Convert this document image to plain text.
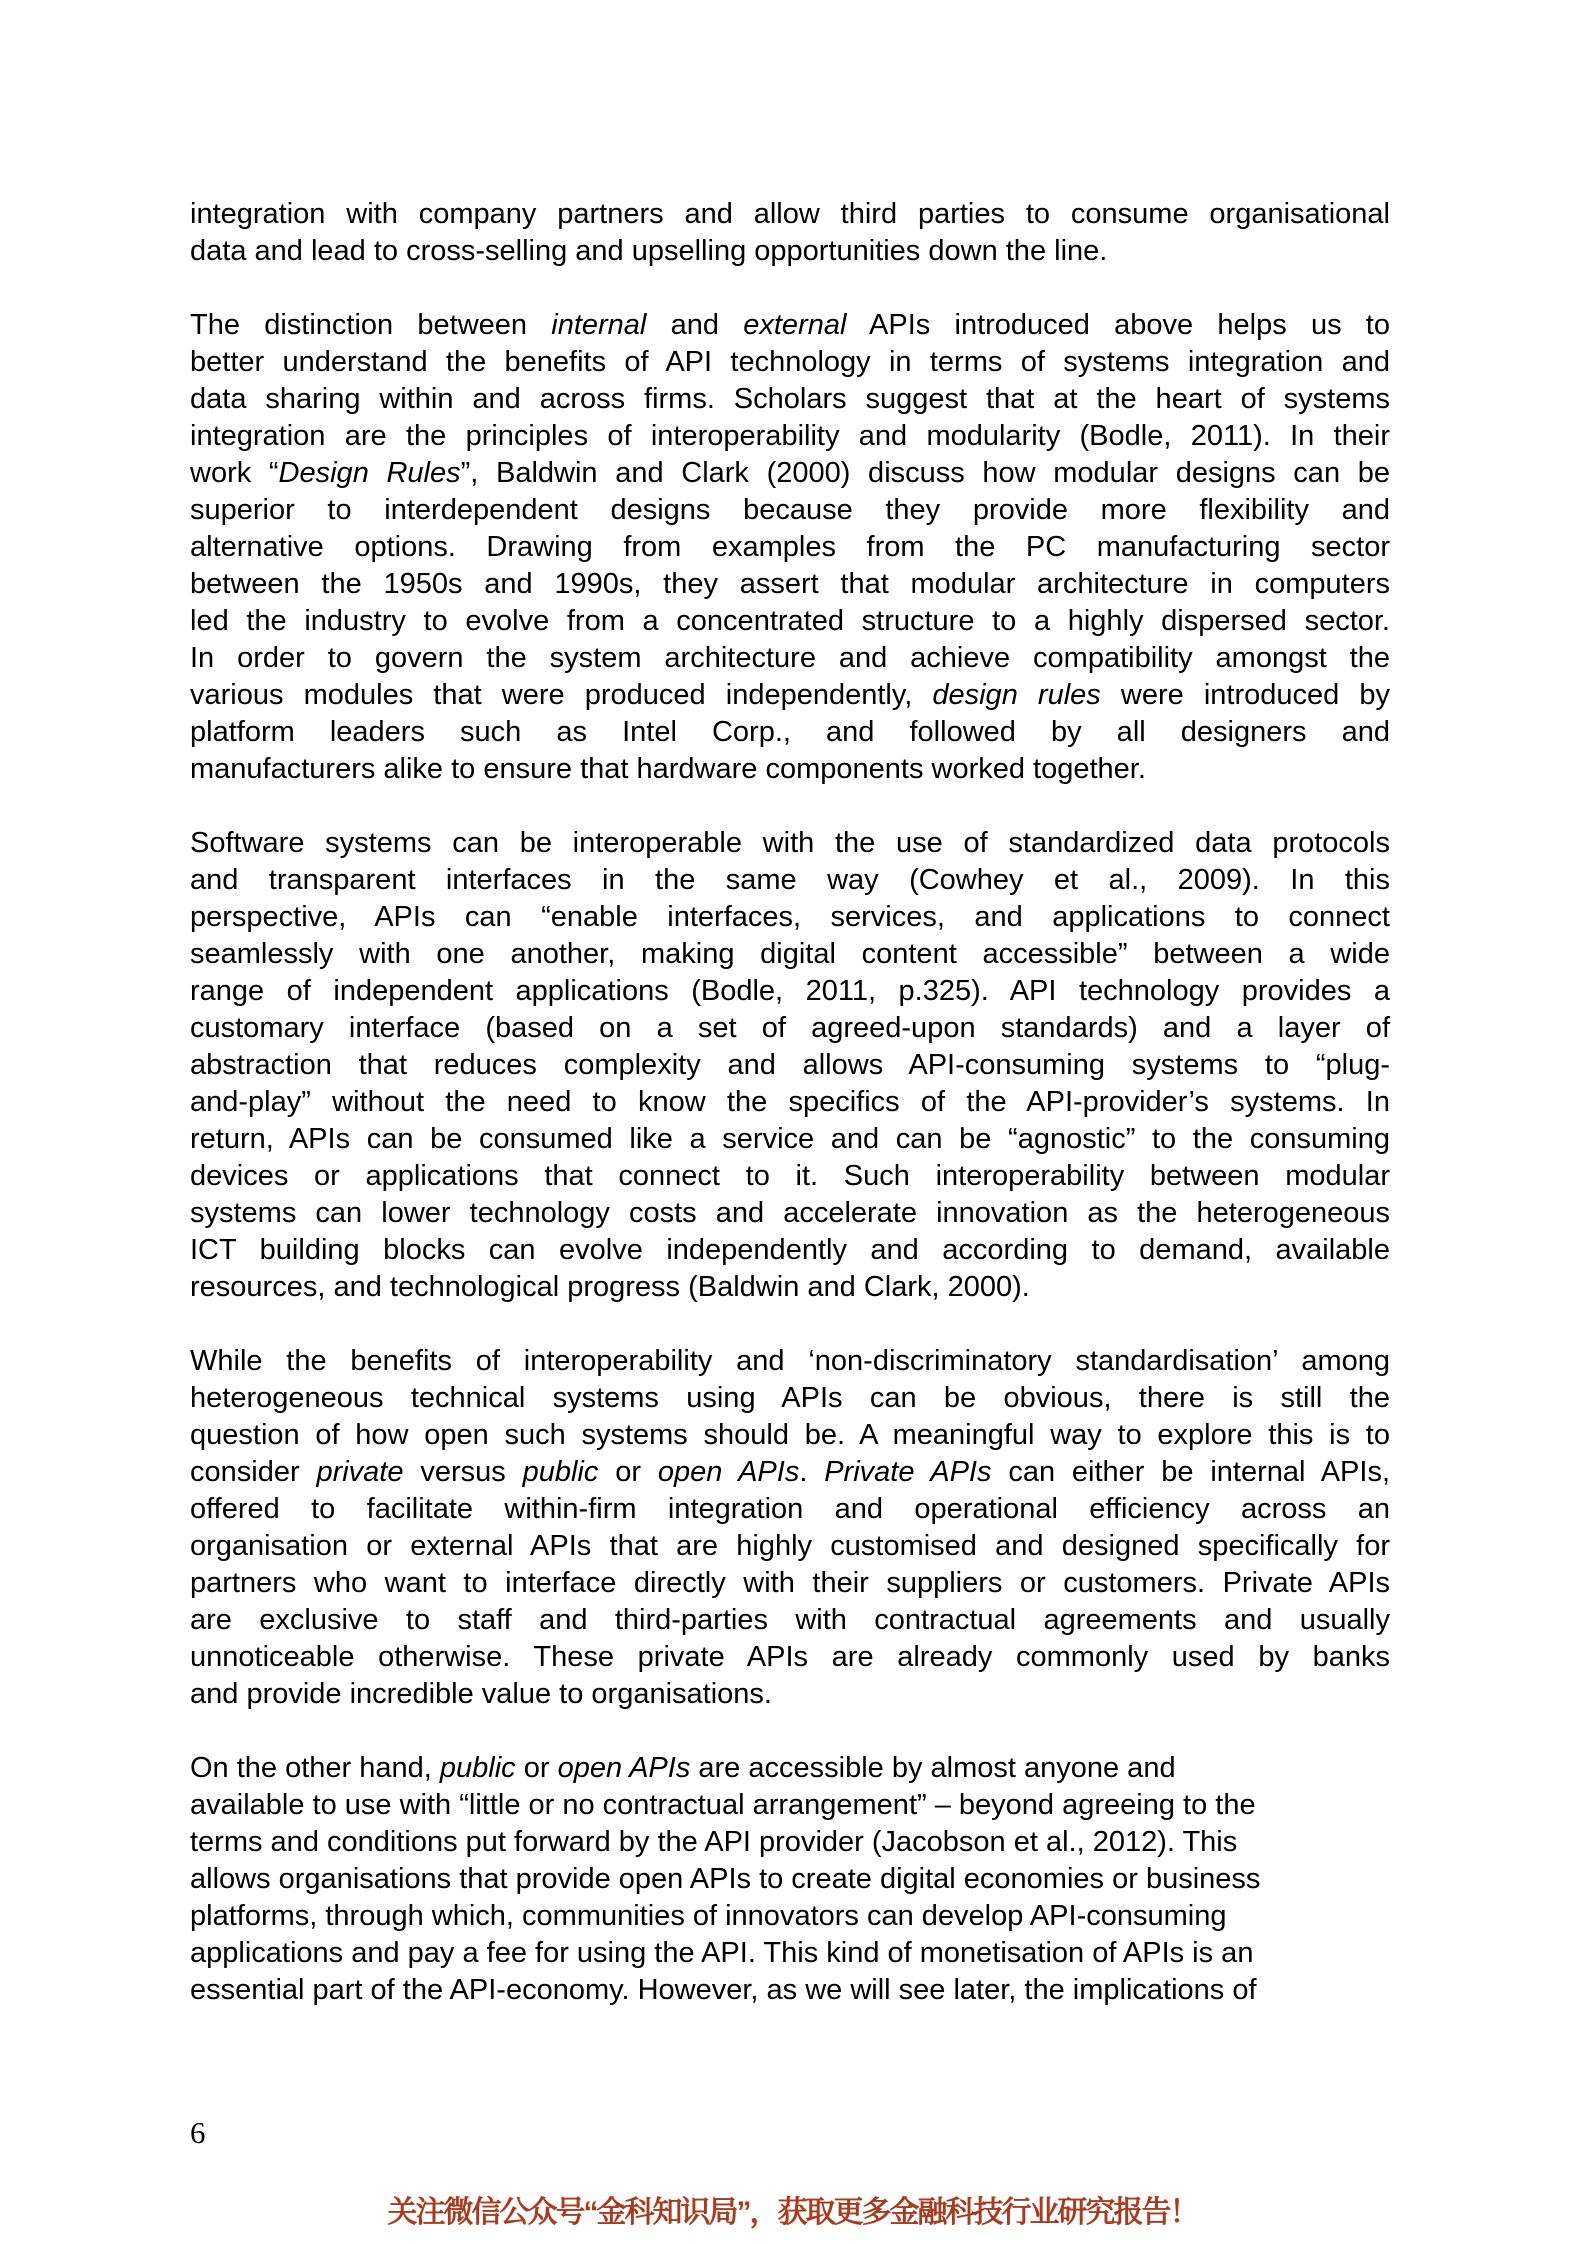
integration with company partners and allow third parties to consume organisational
data and lead to cross-selling and upselling opportunities down the line.
The distinction between internal and external APIs introduced above helps us to
better understand the benefits of API technology in terms of systems integration and
data sharing within and across firms. Scholars suggest that at the heart of systems
integration are the principles of interoperability and modularity (Bodle, 2011). In their
work “Design Rules”, Baldwin and Clark (2000) discuss how modular designs can be
superior to interdependent designs because they provide more flexibility and
alternative options. Drawing from examples from the PC manufacturing sector
between the 1950s and 1990s, they assert that modular architecture in computers
led the industry to evolve from a concentrated structure to a highly dispersed sector.
In order to govern the system architecture and achieve compatibility amongst the
various modules that were produced independently, design rules were introduced by
platform leaders such as Intel Corp., and followed by all designers and
manufacturers alike to ensure that hardware components worked together.
Software systems can be interoperable with the use of standardized data protocols
and transparent interfaces in the same way (Cowhey et al., 2009). In this
perspective, APIs can “enable interfaces, services, and applications to connect
seamlessly with one another, making digital content accessible” between a wide
range of independent applications (Bodle, 2011, p.325). API technology provides a
customary interface (based on a set of agreed-upon standards) and a layer of
abstraction that reduces complexity and allows API-consuming systems to “plug-
and-play” without the need to know the specifics of the API-provider’s systems. In
return, APIs can be consumed like a service and can be “agnostic” to the consuming
devices or applications that connect to it. Such interoperability between modular
systems can lower technology costs and accelerate innovation as the heterogeneous
ICT building blocks can evolve independently and according to demand, available
resources, and technological progress (Baldwin and Clark, 2000).
While the benefits of interoperability and ‘non-discriminatory standardisation’ among
heterogeneous technical systems using APIs can be obvious, there is still the
question of how open such systems should be. A meaningful way to explore this is to
consider private versus public or open APIs. Private APIs can either be internal APIs,
offered to facilitate within-firm integration and operational efficiency across an
organisation or external APIs that are highly customised and designed specifically for
partners who want to interface directly with their suppliers or customers. Private APIs
are exclusive to staff and third-parties with contractual agreements and usually
unnoticeable otherwise. These private APIs are already commonly used by banks
and provide incredible value to organisations.
On the other hand, public or open APIs are accessible by almost anyone and
available to use with “little or no contractual arrangement” – beyond agreeing to the
terms and conditions put forward by the API provider (Jacobson et al., 2012). This
allows organisations that provide open APIs to create digital economies or business
platforms, through which, communities of innovators can develop API-consuming
applications and pay a fee for using the API. This kind of monetisation of APIs is an
essential part of the API-economy. However, as we will see later, the implications of
6
关注微信公众号“金科知识局”，获取更多金融科技行业研究报告！
